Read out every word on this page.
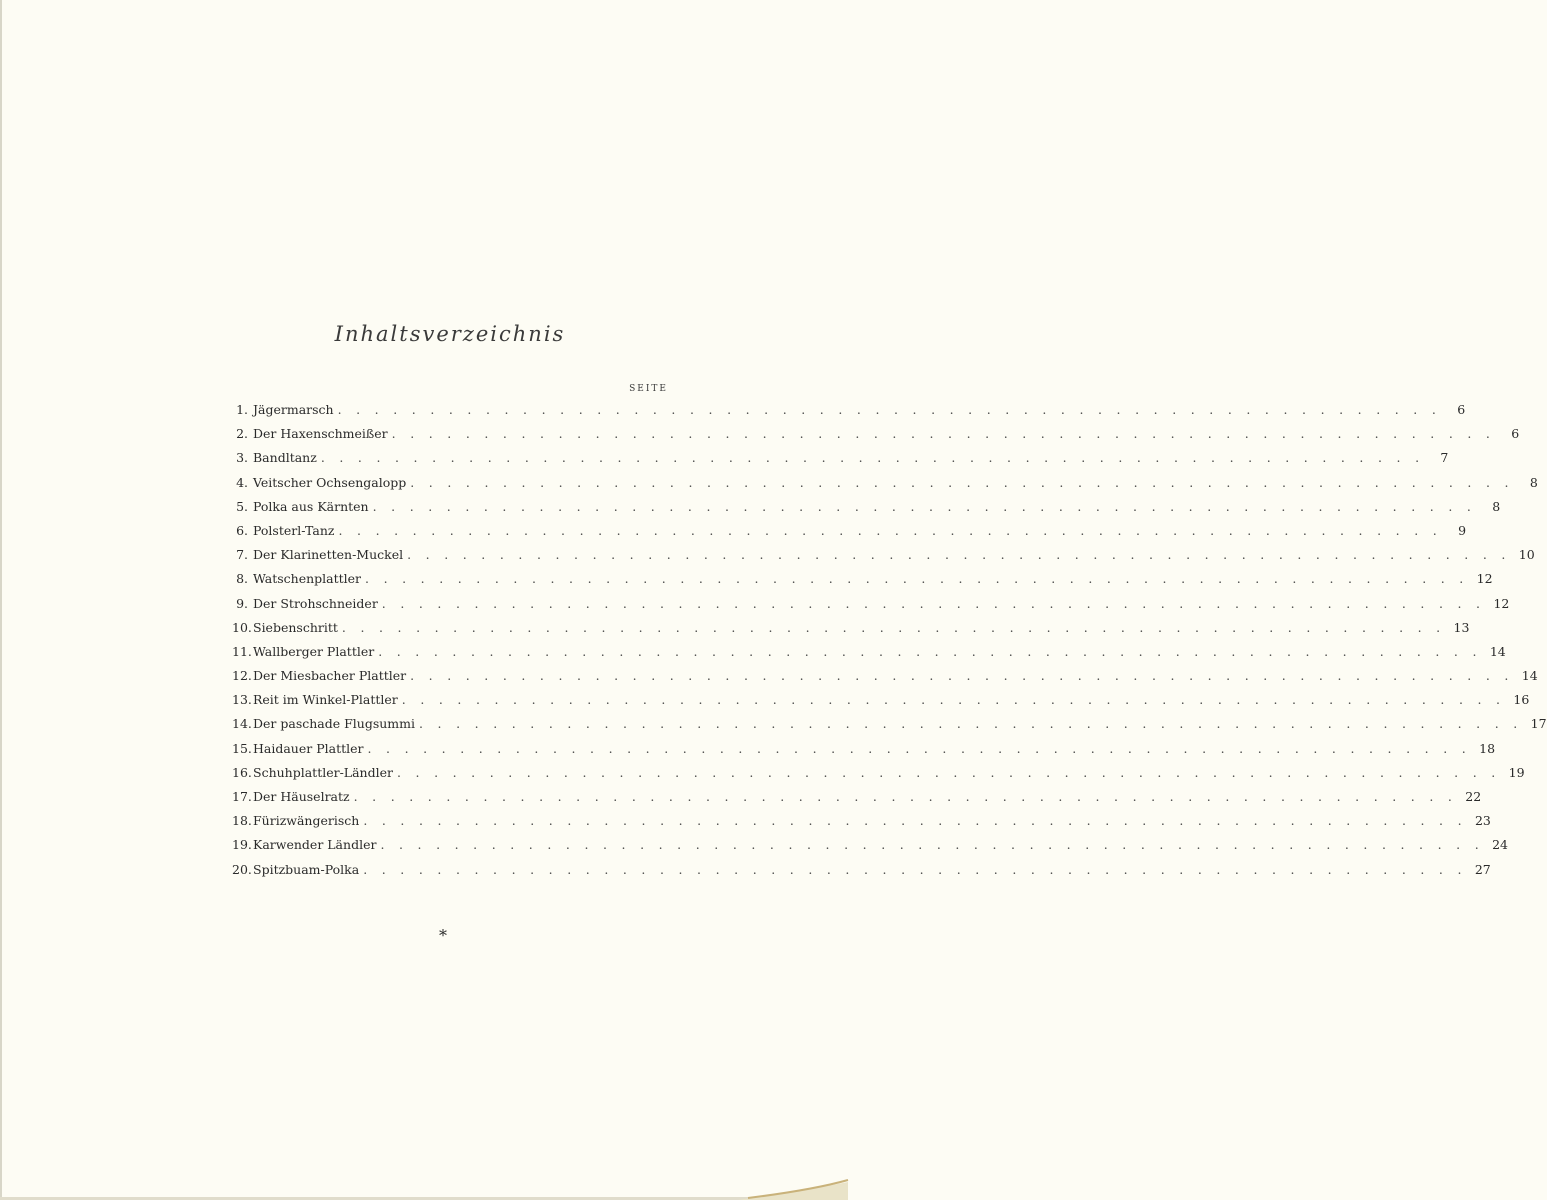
Inhaltsverzeichnis
SEITE
1. Jägermarsch . . . . . . . . . . . . . . . . . . . . . . . . . . . . . . . . . . . . . . . . . . . . . . . . . . . . . . . . . . . .	6
2. Der Haxenschmeißer . . . . . . . . . . . . . . . . . . . . . . . . . . . . . . . . . . . . . . . . . . . . . . . . . . . . . . . . . . . .	6
3. Bandltanz . . . . . . . . . . . . . . . . . . . . . . . . . . . . . . . . . . . . . . . . . . . . . . . . . . . . . . . . . . . .	7
4. Veitscher Ochsengalopp . . . . . . . . . . . . . . . . . . . . . . . . . . . . . . . . . . . . . . . . . . . . . . . . . . . . . . . . . . . .	8
5. Polka aus Kärnten . . . . . . . . . . . . . . . . . . . . . . . . . . . . . . . . . . . . . . . . . . . . . . . . . . . . . . . . . . . .	8
6. Polsterl-Tanz . . . . . . . . . . . . . . . . . . . . . . . . . . . . . . . . . . . . . . . . . . . . . . . . . . . . . . . . . . . .	9
7. Der Klarinetten-Muckel . . . . . . . . . . . . . . . . . . . . . . . . . . . . . . . . . . . . . . . . . . . . . . . . . . . . . . . . . . . . 10
8. Watschenplattler . . . . . . . . . . . . . . . . . . . . . . . . . . . . . . . . . . . . . . . . . . . . . . . . . . . . . . . . . . . . 12
9. Der Strohschneider . . . . . . . . . . . . . . . . . . . . . . . . . . . . . . . . . . . . . . . . . . . . . . . . . . . . . . . . . . . . 12
10. Siebenschritt . . . . . . . . . . . . . . . . . . . . . . . . . . . . . . . . . . . . . . . . . . . . . . . . . . . . . . . . . . . . 13
11. Wallberger Plattler . . . . . . . . . . . . . . . . . . . . . . . . . . . . . . . . . . . . . . . . . . . . . . . . . . . . . . . . . . . . 14
12. Der Miesbacher Plattler . . . . . . . . . . . . . . . . . . . . . . . . . . . . . . . . . . . . . . . . . . . . . . . . . . . . . . . . . . . . 14
13. Reit im Winkel-Plattler . . . . . . . . . . . . . . . . . . . . . . . . . . . . . . . . . . . . . . . . . . . . . . . . . . . . . . . . . . . . 16
14. Der paschade Flugsummi . . . . . . . . . . . . . . . . . . . . . . . . . . . . . . . . . . . . . . . . . . . . . . . . . . . . . . . . . . . . 17
15. Haidauer Plattler . . . . . . . . . . . . . . . . . . . . . . . . . . . . . . . . . . . . . . . . . . . . . . . . . . . . . . . . . . . . 18
16. Schuhplattler-Ländler . . . . . . . . . . . . . . . . . . . . . . . . . . . . . . . . . . . . . . . . . . . . . . . . . . . . . . . . . . . . 19
17. Der Häuselratz . . . . . . . . . . . . . . . . . . . . . . . . . . . . . . . . . . . . . . . . . . . . . . . . . . . . . . . . . . . . 22
18. Fürizwängerisch . . . . . . . . . . . . . . . . . . . . . . . . . . . . . . . . . . . . . . . . . . . . . . . . . . . . . . . . . . . . 23
19. Karwender Ländler . . . . . . . . . . . . . . . . . . . . . . . . . . . . . . . . . . . . . . . . . . . . . . . . . . . . . . . . . . . . 24
20. Spitzbuam-Polka . . . . . . . . . . . . . . . . . . . . . . . . . . . . . . . . . . . . . . . . . . . . . . . . . . . . . . . . . . . . 27
*
